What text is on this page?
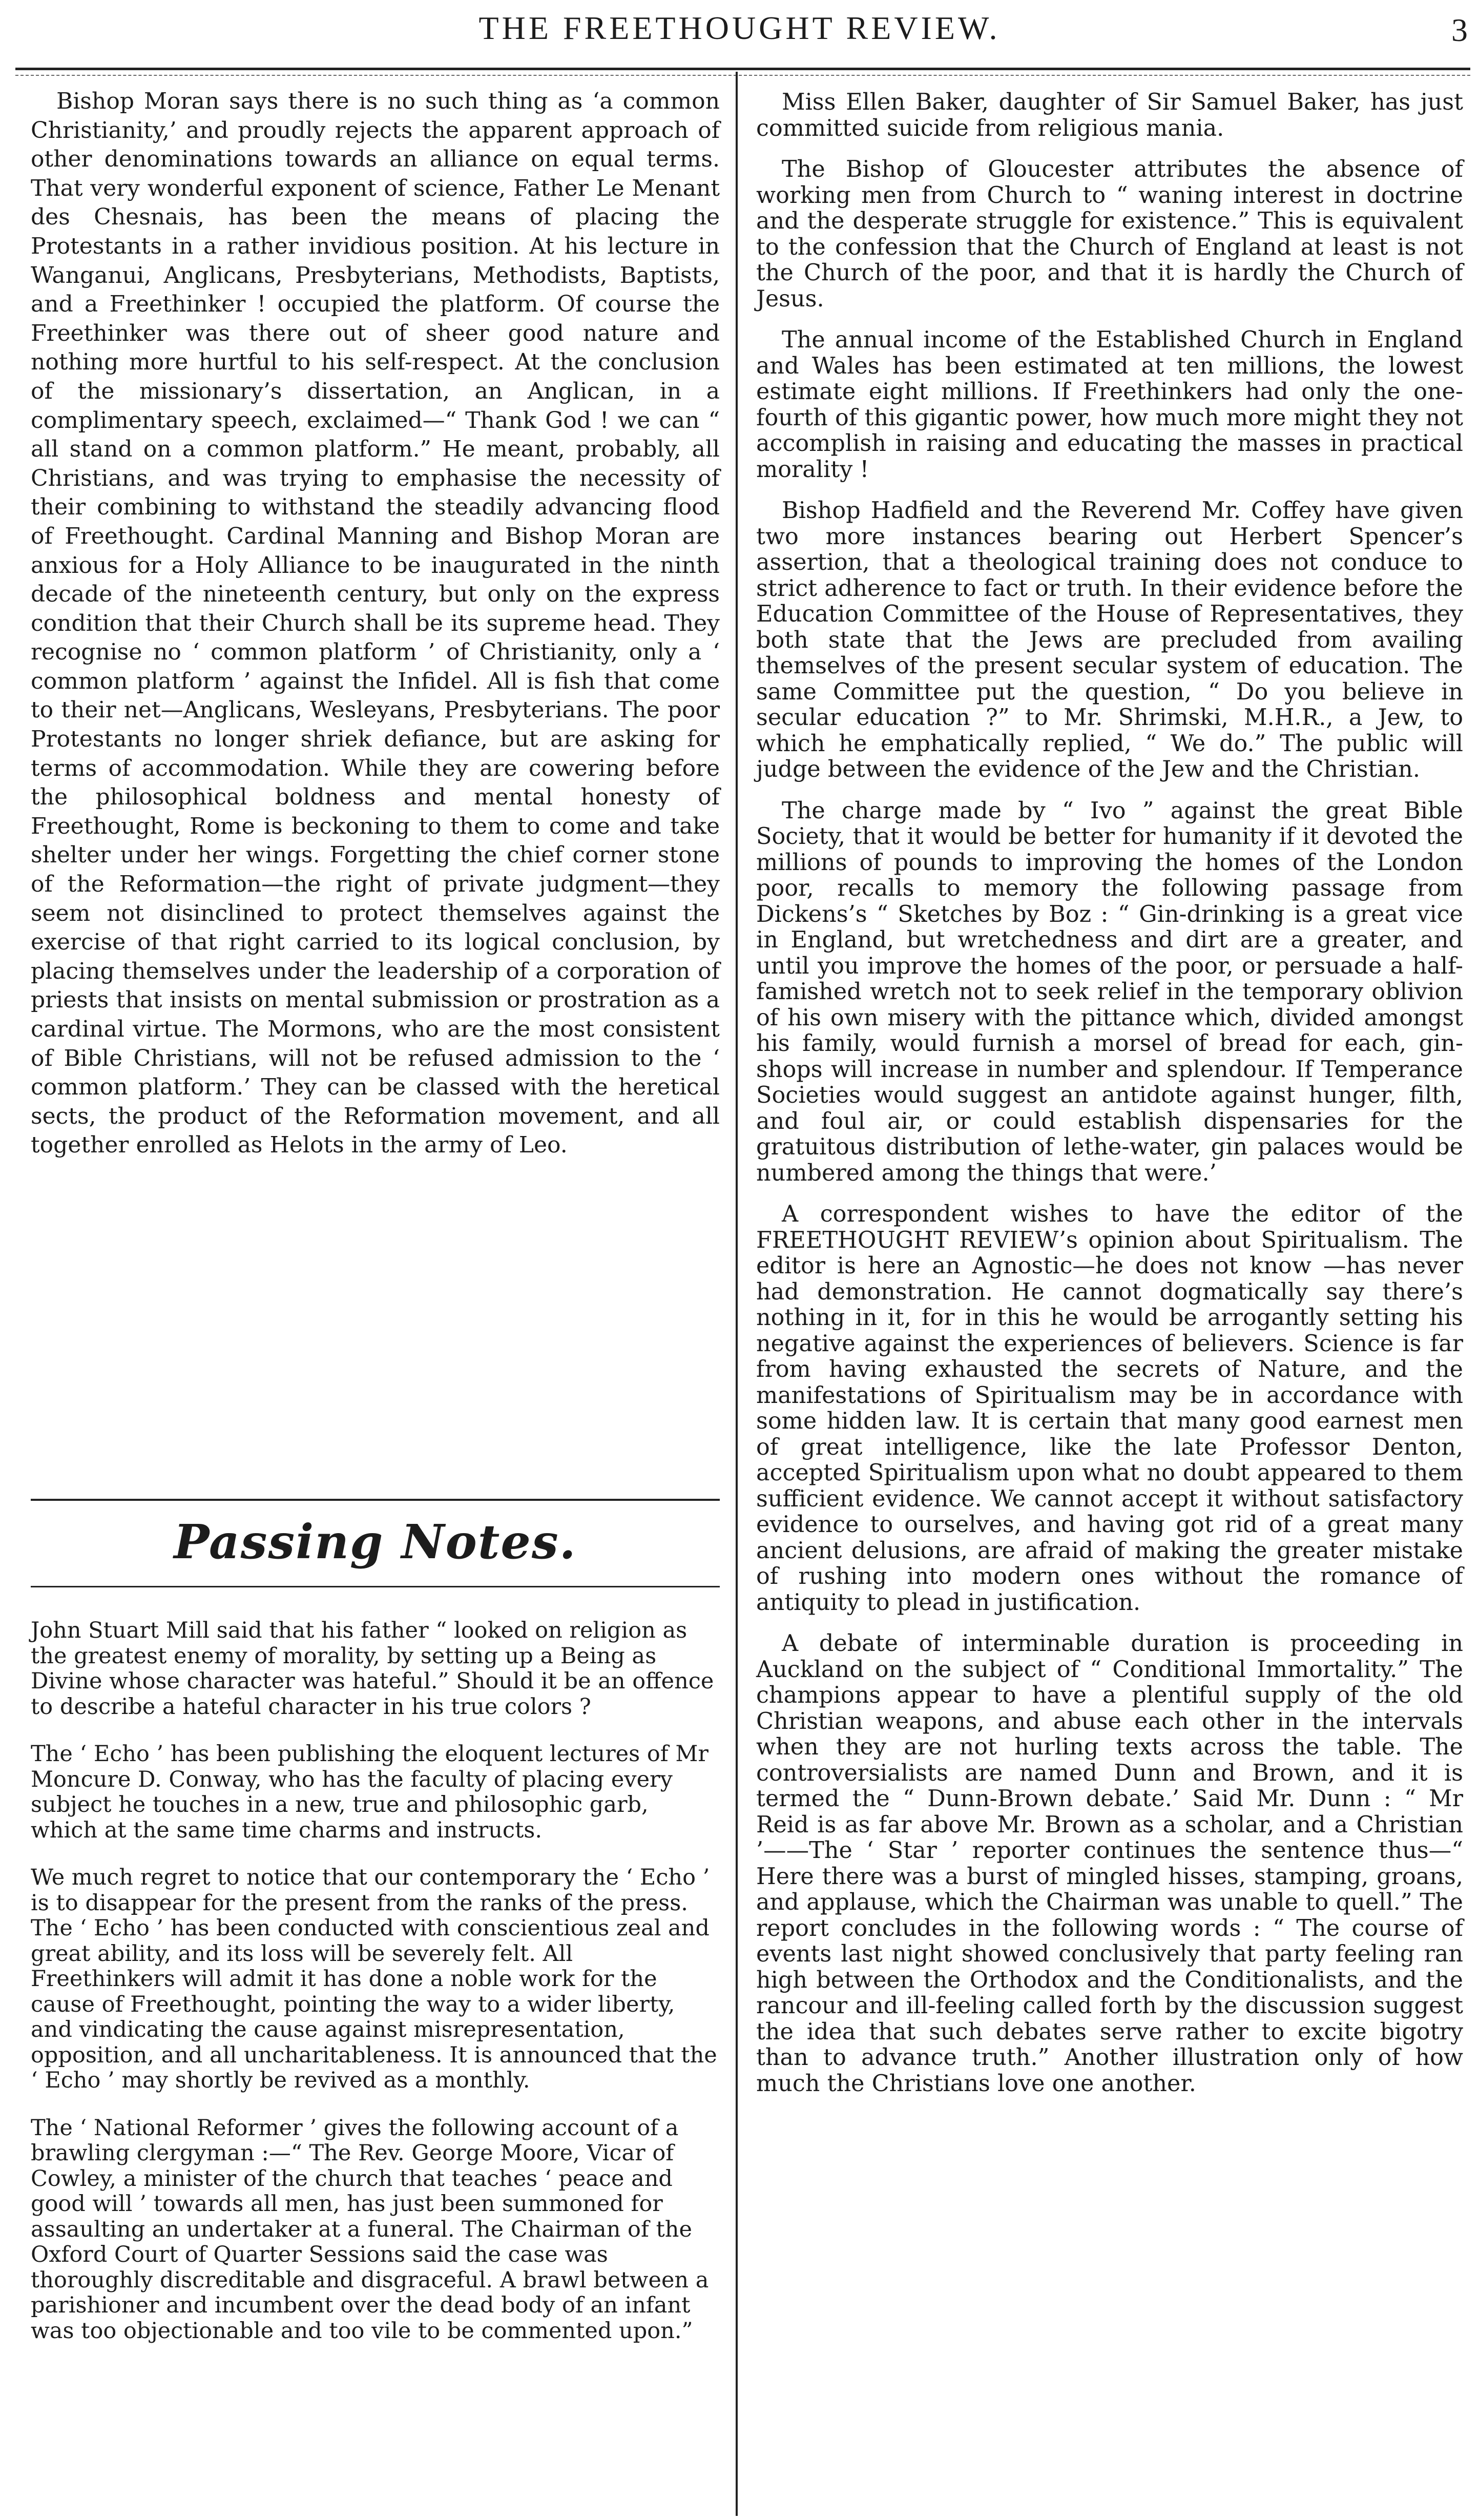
THE FREETHOUGHT REVIEW.	3

Bishop Moran says there is no such thing as ‘a common Christianity,’ and proudly rejects the apparent approach of other denominations towards an alliance on equal terms. That very wonderful exponent of science, Father Le Menant des Chesnais, has been the means of placing the Protestants in a rather invidious position. At his lecture in Wanganui, Anglicans, Presbyterians, Methodists, Baptists, and a Freethinker ! occupied the platform. Of course the Freethinker was there out of sheer good nature and nothing more hurtful to his self-respect. At the conclusion of the missionary’s dissertation, an Anglican, in a complimentary speech, exclaimed—“ Thank God ! we can “ all stand on a common platform.” He meant, probably, all Christians, and was trying to emphasise the necessity of their combining to withstand the steadily advancing flood of Freethought. Cardinal Manning and Bishop Moran are anxious for a Holy Alliance to be inaugurated in the ninth decade of the nineteenth century, but only on the express condition that their Church shall be its supreme head. They recognise no ‘ common platform ’ of Christianity, only a ‘ common platform ’ against the Infidel. All is fish that come to their net—Anglicans, Wesleyans, Presbyterians. The poor Protestants no longer shriek defiance, but are asking for terms of accommodation. While they are cowering before the philosophical boldness and mental honesty of Freethought, Rome is beckoning to them to come and take shelter under her wings. Forgetting the chief corner stone of the Reformation—the right of private judgment—they seem not disinclined to protect themselves against the exercise of that right carried to its logical conclusion, by placing themselves under the leadership of a corporation of priests that insists on mental submission or prostration as a cardinal virtue. The Mormons, who are the most consistent of Bible Christians, will not be refused admission to the ‘ common platform.’ They can be classed with the heretical sects, the product of the Reformation movement, and all together enrolled as Helots in the army of Leo.

Passing Notes.

John Stuart Mill said that his father “ looked on religion as the greatest enemy of morality, by setting up a Being as Divine whose character was hateful.” Should it be an offence to describe a hateful character in his true colors ?

The ‘ Echo ’ has been publishing the eloquent lectures of Mr Moncure D. Conway, who has the faculty of placing every subject he touches in a new, true and philosophic garb, which at the same time charms and instructs.

We much regret to notice that our contemporary the ‘ Echo ’ is to disappear for the present from the ranks of the press. The ‘ Echo ’ has been conducted with conscientious zeal and great ability, and its loss will be severely felt. All Freethinkers will admit it has done a noble work for the cause of Freethought, pointing the way to a wider liberty, and vindicating the cause against misrepresentation, opposition, and all uncharitableness. It is announced that the ‘ Echo ’ may shortly be revived as a monthly.

The ‘ National Reformer ’ gives the following account of a brawling clergyman :—“ The Rev. George Moore, Vicar of Cowley, a minister of the church that teaches ‘ peace and good will ’ towards all men, has just been summoned for assaulting an undertaker at a funeral. The Chairman of the Oxford Court of Quarter Sessions said the case was thoroughly discreditable and disgraceful. A brawl between a parishioner and incumbent over the dead body of an infant was too objectionable and too vile to be commented upon.”

Miss Ellen Baker, daughter of Sir Samuel Baker, has just committed suicide from religious mania.

The Bishop of Gloucester attributes the absence of working men from Church to “ waning interest in doctrine and the desperate struggle for existence.” This is equivalent to the confession that the Church of England at least is not the Church of the poor, and that it is hardly the Church of Jesus.

The annual income of the Established Church in England and Wales has been estimated at ten millions, the lowest estimate eight millions. If Freethinkers had only the one-fourth of this gigantic power, how much more might they not accomplish in raising and educating the masses in practical morality !

Bishop Hadfield and the Reverend Mr. Coffey have given two more instances bearing out Herbert Spencer’s assertion, that a theological training does not conduce to strict adherence to fact or truth. In their evidence before the Education Committee of the House of Representatives, they both state that the Jews are precluded from availing themselves of the present secular system of education. The same Committee put the question, “ Do you believe in secular education ?” to Mr. Shrimski, M.H.R., a Jew, to which he emphatically replied, “ We do.” The public will judge between the evidence of the Jew and the Christian.

The charge made by “ Ivo ” against the great Bible Society, that it would be better for humanity if it devoted the millions of pounds to improving the homes of the London poor, recalls to memory the following passage from Dickens’s “ Sketches by Boz : “ Gin-drinking is a great vice in England, but wretchedness and dirt are a greater, and until you improve the homes of the poor, or persuade a half-famished wretch not to seek relief in the temporary oblivion of his own misery with the pittance which, divided amongst his family, would furnish a morsel of bread for each, gin-shops will increase in number and splendour. If Temperance Societies would suggest an antidote against hunger, filth, and foul air, or could establish dispensaries for the gratuitous distribution of lethe-water, gin palaces would be numbered among the things that were.’

A correspondent wishes to have the editor of the FREETHOUGHT REVIEW’s opinion about Spiritualism. The editor is here an Agnostic—he does not know —has never had demonstration. He cannot dogmatically say there’s nothing in it, for in this he would be arrogantly setting his negative against the experiences of believers. Science is far from having exhausted the secrets of Nature, and the manifestations of Spiritualism may be in accordance with some hidden law. It is certain that many good earnest men of great intelligence, like the late Professor Denton, accepted Spiritualism upon what no doubt appeared to them sufficient evidence. We cannot accept it without satisfactory evidence to ourselves, and having got rid of a great many ancient delusions, are afraid of making the greater mistake of rushing into modern ones without the romance of antiquity to plead in justification.

A debate of interminable duration is proceeding in Auckland on the subject of “ Conditional Immortality.” The champions appear to have a plentiful supply of the old Christian weapons, and abuse each other in the intervals when they are not hurling texts across the table. The controversialists are named Dunn and Brown, and it is termed the “ Dunn-Brown debate.’ Said Mr. Dunn : “ Mr Reid is as far above Mr. Brown as a scholar, and a Christian ’——The ‘ Star ’ reporter continues the sentence thus—“ Here there was a burst of mingled hisses, stamping, groans, and applause, which the Chairman was unable to quell.” The report concludes in the following words : “ The course of events last night showed conclusively that party feeling ran high between the Orthodox and the Conditionalists, and the rancour and ill-feeling called forth by the discussion suggest the idea that such debates serve rather to excite bigotry than to advance truth.” Another illustration only of how much the Christians love one another.
